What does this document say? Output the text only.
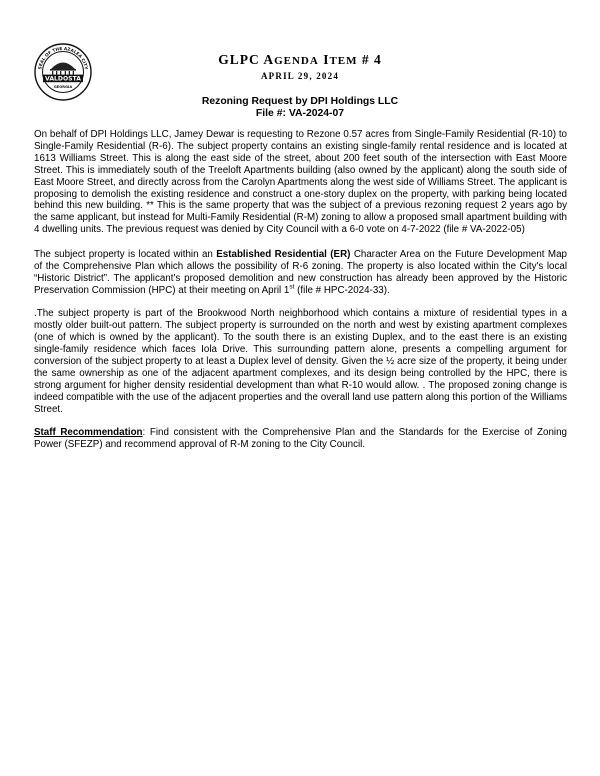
SEAL OF THE AZALEA CITY
VALDOSTA
GEORGIA
GLPC AGENDA ITEM # 4
APRIL 29, 2024
Rezoning Request by DPI Holdings LLC
File #: VA-2024-07

On behalf of DPI Holdings LLC, Jamey Dewar is requesting to Rezone 0.57 acres from Single-Family Residential (R-10) to Single-Family Residential (R-6). The subject property contains an existing single-family rental residence and is located at 1613 Williams Street. This is along the east side of the street, about 200 feet south of the intersection with East Moore Street. This is immediately south of the Treeloft Apartments building (also owned by the applicant) along the south side of East Moore Street, and directly across from the Carolyn Apartments along the west side of Williams Street. The applicant is proposing to demolish the existing residence and construct a one-story duplex on the property, with parking being located behind this new building. ** This is the same property that was the subject of a previous rezoning request 2 years ago by the same applicant, but instead for Multi-Family Residential (R-M) zoning to allow a proposed small apartment building with 4 dwelling units. The previous request was denied by City Council with a 6-0 vote on 4-7-2022 (file # VA-2022-05)

The subject property is located within an Established Residential (ER) Character Area on the Future Development Map of the Comprehensive Plan which allows the possibility of R-6 zoning. The property is also located within the City's local “Historic District”. The applicant's proposed demolition and new construction has already been approved by the Historic Preservation Commission (HPC) at their meeting on April 1st (file # HPC-2024-33).

.The subject property is part of the Brookwood North neighborhood which contains a mixture of residential types in a mostly older built-out pattern. The subject property is surrounded on the north and west by existing apartment complexes (one of which is owned by the applicant). To the south there is an existing Duplex, and to the east there is an existing single-family residence which faces Iola Drive. This surrounding pattern alone, presents a compelling argument for conversion of the subject property to at least a Duplex level of density. Given the ½ acre size of the property, it being under the same ownership as one of the adjacent apartment complexes, and its design being controlled by the HPC, there is strong argument for higher density residential development than what R-10 would allow. . The proposed zoning change is indeed compatible with the use of the adjacent properties and the overall land use pattern along this portion of the Williams Street.

Staff Recommendation: Find consistent with the Comprehensive Plan and the Standards for the Exercise of Zoning Power (SFEZP) and recommend approval of R-M zoning to the City Council.
